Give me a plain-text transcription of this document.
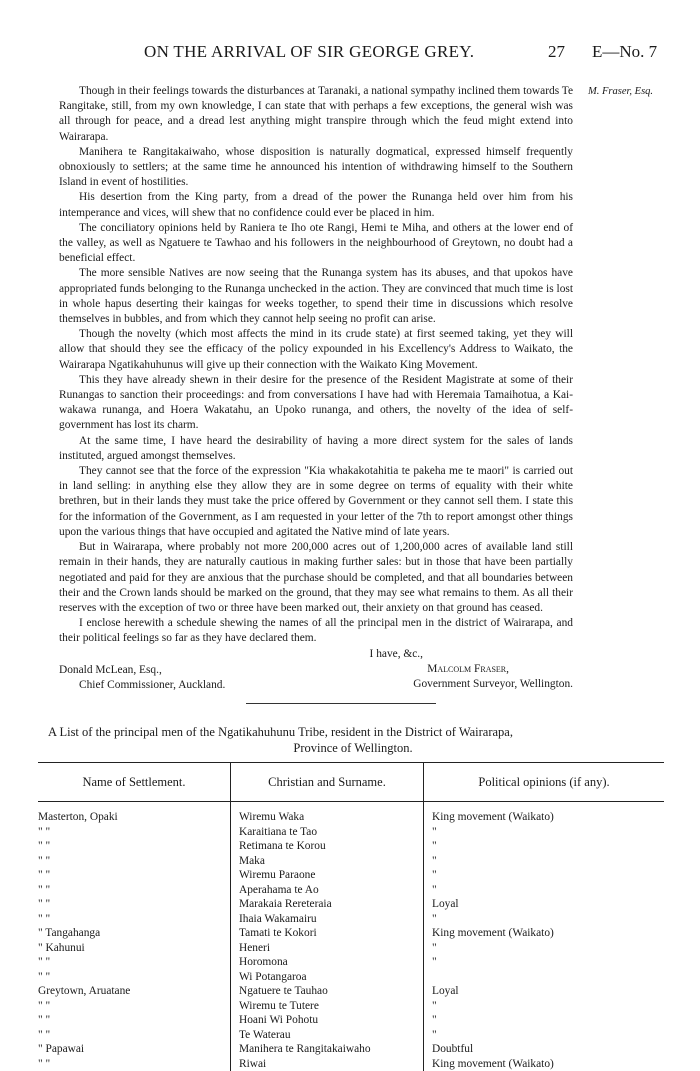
ON THE ARRIVAL OF SIR GEORGE GREY.	27 E—No. 7
M. Fraser, Esq.

Though in their feelings towards the disturbances at Taranaki, a national sympathy inclined them towards Te Rangitake, still, from my own knowledge, I can state that with perhaps a few exceptions, the general wish was all through for peace, and a dread lest anything might transpire through which the feud might extend into Wairarapa.

Manihera te Rangitakaiwaho, whose disposition is naturally dogmatical, expressed himself frequently obnoxiously to settlers; at the same time he announced his intention of withdrawing himself to the Southern Island in event of hostilities.

His desertion from the King party, from a dread of the power the Runanga held over him from his intemperance and vices, will shew that no confidence could ever be placed in him.

The conciliatory opinions held by Raniera te Iho ote Rangi, Hemi te Miha, and others at the lower end of the valley, as well as Ngatuere te Tawhao and his followers in the neighbourhood of Greytown, no doubt had a beneficial effect.

The more sensible Natives are now seeing that the Runanga system has its abuses, and that upokos have appropriated funds belonging to the Runanga unchecked in the action. They are convinced that much time is lost in whole hapus deserting their kaingas for weeks together, to spend their time in discussions which resolve themselves in bubbles, and from which they cannot help seeing no profit can arise.

Though the novelty (which most affects the mind in its crude state) at first seemed taking, yet they will allow that should they see the efficacy of the policy expounded in his Excellency's Address to Waikato, the Wairarapa Ngatikahuhunus will give up their connection with the Waikato King Movement.

This they have already shewn in their desire for the presence of the Resident Magistrate at some of their Runangas to sanction their proceedings: and from conversations I have had with Heremaia Tamaihotua, a Kai-wakawa runanga, and Hoera Wakatahu, an Upoko runanga, and others, the novelty of the idea of self-government has lost its charm.

At the same time, I have heard the desirability of having a more direct system for the sales of lands instituted, argued amongst themselves.

They cannot see that the force of the expression "Kia whakakotahitia te pakeha me te maori" is carried out in land selling: in anything else they allow they are in some degree on terms of equality with their white brethren, but in their lands they must take the price offered by Government or they cannot sell them. I state this for the information of the Government, as I am requested in your letter of the 7th to report amongst other things upon the various things that have occupied and agitated the Native mind of late years.

But in Wairarapa, where probably not more 200,000 acres out of 1,200,000 acres of available land still remain in their hands, they are naturally cautious in making further sales: but in those that have been partially negotiated and paid for they are anxious that the purchase should be completed, and that all boundaries between their and the Crown lands should be marked on the ground, that they may see what remains to them. As all their reserves with the exception of two or three have been marked out, their anxiety on that ground has ceased.

I enclose herewith a schedule shewing the names of all the principal men in the district of Wairarapa, and their political feelings so far as they have declared them.

I have, &c.,
Malcolm Fraser,
Government Surveyor, Wellington.
Donald McLean, Esq.,
Chief Commissioner, Auckland.
A List of the principal men of the Ngatikahuhunu Tribe, resident in the District of Wairarapa,
Province of Wellington.
Name of Settlement.	Christian and Surname.	Political opinions (if any).
Masterton, Opaki	Wiremu Waka	King movement (Waikato)
" "	Karaitiana te Tao	"
" "	Retimana te Korou	"
" "	Maka	"
" "	Wiremu Paraone	"
" "	Aperahama te Ao	"
" "	Marakaia Rereteraia	Loyal
" "	Ihaia Wakamairu	"
" Tangahanga	Tamati te Kokori	King movement (Waikato)
" Kahunui	Heneri	"
" "	Horomona	"
" "	Wi Potangaroa	
Greytown, Aruatane	Ngatuere te Tauhao	Loyal
" "	Wiremu te Tutere	"
" "	Hoani Wi Pohotu	"
" "	Te Waterau	"
" Papawai	Manihera te Rangitakaiwaho	Doubtful
" "	Riwai	King movement (Waikato)
